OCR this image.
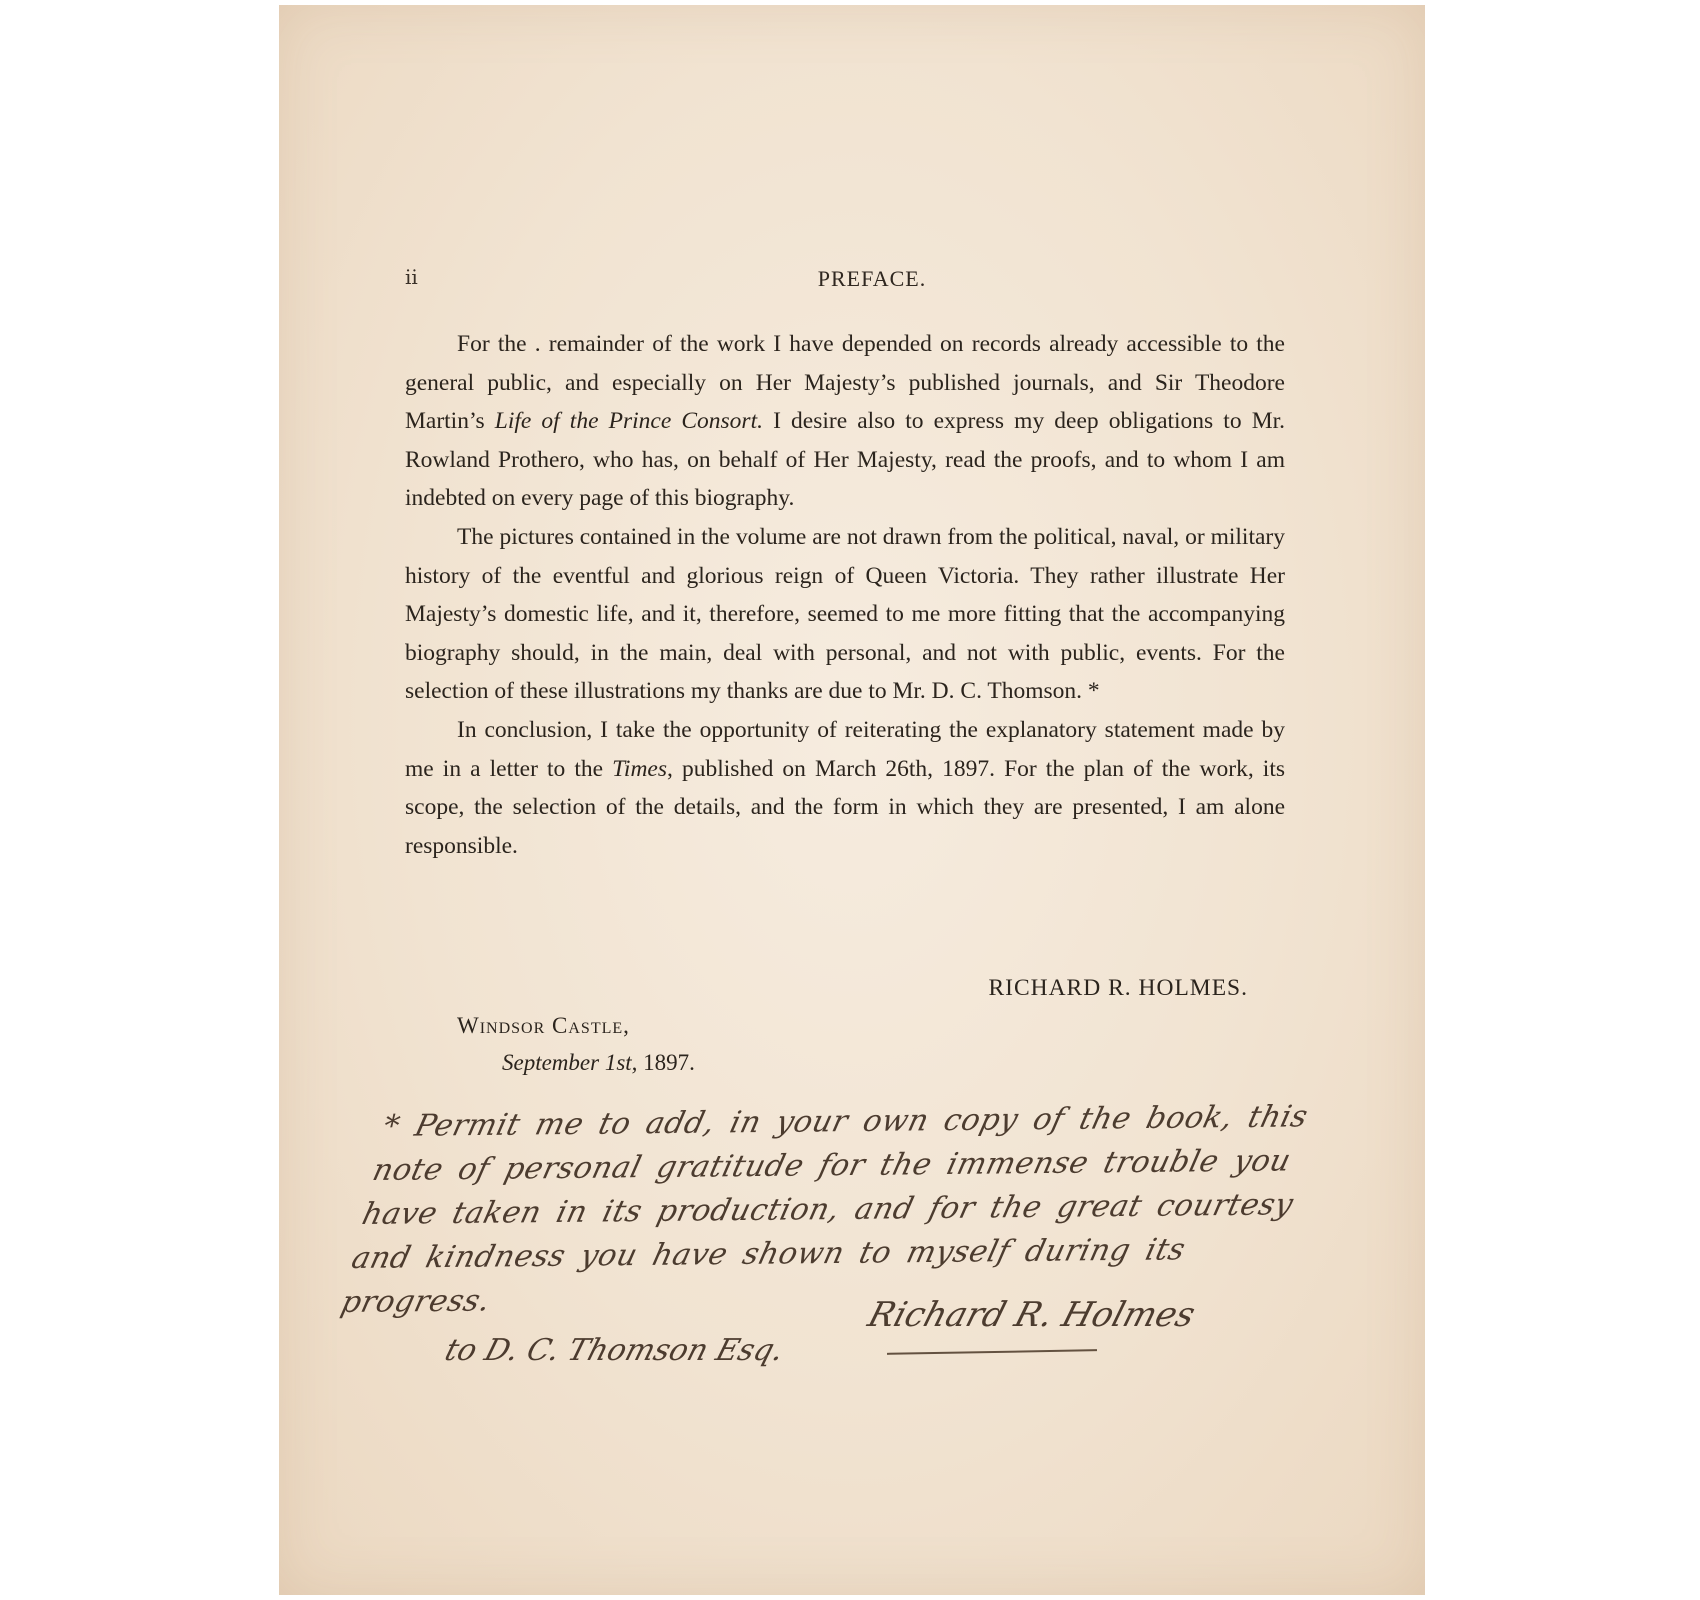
ii	PREFACE.

For the . remainder of the work I have depended on records already accessible to the general public, and especially on Her Majesty’s published journals, and Sir Theodore Martin’s Life of the Prince Consort. I desire also to express my deep obligations to Mr. Rowland Prothero, who has, on behalf of Her Majesty, read the proofs, and to whom I am indebted on every page of this biography.

The pictures contained in the volume are not drawn from the political, naval, or military history of the eventful and glorious reign of Queen Victoria. They rather illustrate Her Majesty’s domestic life, and it, therefore, seemed to me more fitting that the accompanying biography should, in the main, deal with personal, and not with public, events. For the selection of these illustrations my thanks are due to Mr. D. C. Thomson. *

In conclusion, I take the opportunity of reiterating the explanatory statement made by me in a letter to the Times, published on March 26th, 1897. For the plan of the work, its scope, the selection of the details, and the form in which they are presented, I am alone responsible.

RICHARD R. HOLMES.
Windsor Castle,
September 1st, 1897.
* Permit me to add, in your own copy of the book, this
note of personal gratitude for the immense trouble you
have taken in its production, and for the great courtesy
and kindness you have shown to myself during its
progress.	Richard R. Holmes
to D. C. Thomson Esq.
